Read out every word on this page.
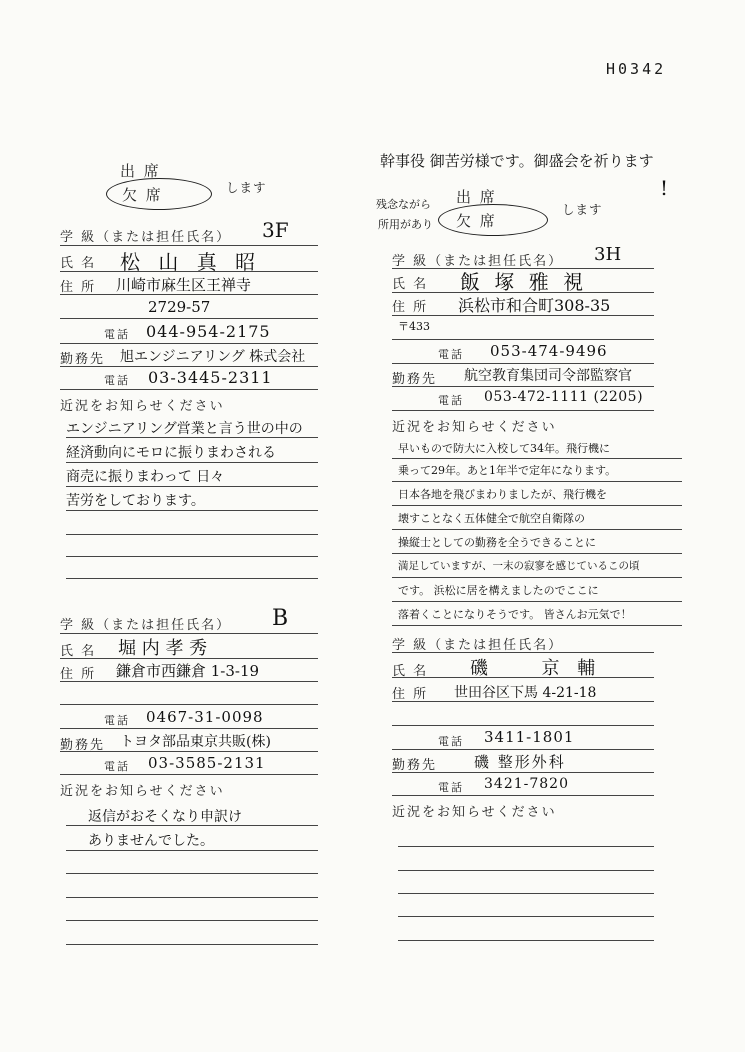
H0342
出 席
欠 席	します
学 級（または担任氏名） 3F
氏 名 松 山 真 昭
住 所 川崎市麻生区王禅寺
2729-57
電話 044-954-2175
勤務先 旭エンジニアリング 株式会社
電話 03-3445-2311
近況をお知らせください
エンジニアリング営業と言う世の中の
経済動向にモロに振りまわされる
商売に振りまわって 日々
苦労をしております。
学 級（または担任氏名） B
氏 名 堀 内 孝 秀
住 所 鎌倉市西鎌倉 1-3-19
電話 0467-31-0098
勤務先 トヨタ部品東京共販(株)
電話 03-3585-2131
近況をお知らせください
返信がおそくなり申訳け
ありませんでした。
幹事役 御苦労様です。御盛会を祈ります
!
残念ながら
所用があり
出 席
欠 席
します
学 級（または担任氏名） 3H
氏 名 飯 塚 雅 視
住 所 浜松市和合町308-35
〒433
電話 053-474-9496
勤務先 航空教育集団司令部監察官
電話 053-472-1111 (2205)
近況をお知らせください
早いもので防大に入校して34年。飛行機に
乗って29年。あと1年半で定年になります。
日本各地を飛びまわりましたが、飛行機を
壊すことなく五体健全で航空自衛隊の
操縦士としての勤務を全うできることに
満足していますが、一末の寂寥を感じているこの頃
です。 浜松に居を構えましたのでここに
落着くことになりそうです。 皆さんお元気で！
学 級（または担任氏名）
氏 名 磯 　 京 輔
住 所 世田谷区下馬 4-21-18
電話 3411-1801
勤務先 磯 整形外科
電話 3421-7820
近況をお知らせください
